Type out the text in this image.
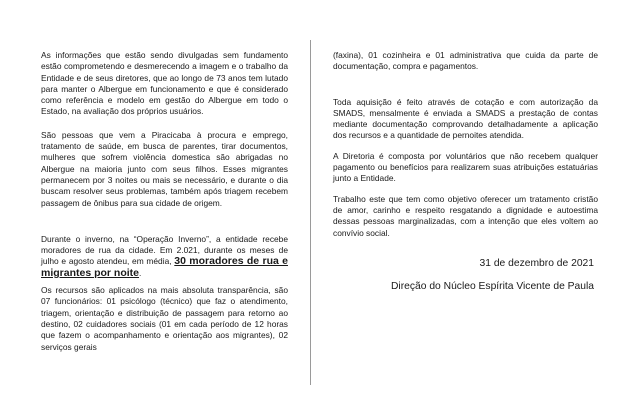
As informações que estão sendo divulgadas sem fundamento estão comprometendo e desmerecendo a imagem e o trabalho da Entidade e de seus diretores, que ao longo de 73 anos tem lutado para manter o Albergue em funcionamento e que é considerado como referência e modelo em gestão do Albergue em todo o Estado, na avaliação dos próprios usuários.

São pessoas que vem a Piracicaba à procura e emprego, tratamento de saúde, em busca de parentes, tirar documentos, mulheres que sofrem violência domestica são abrigadas no Albergue na maioria junto com seus filhos. Esses migrantes permanecem por 3 noites ou mais se necessário, e durante o dia buscam resolver seus problemas, também após triagem recebem passagem de ônibus para sua cidade de origem.

Durante o inverno, na “Operação Inverno”, a entidade recebe moradores de rua da cidade. Em 2.021, durante os meses de julho e agosto atendeu, em média, 30 moradores de rua e migrantes por noite.

Os recursos são aplicados na mais absoluta transparência, são 07 funcionários: 01 psicólogo (técnico) que faz o atendimento, triagem, orientação e distribuição de passagem para retorno ao destino, 02 cuidadores sociais (01 em cada período de 12 horas que fazem o acompanhamento e orientação aos migrantes), 02 serviços gerais

(faxina), 01 cozinheira e 01 administrativa que cuida da parte de documentação, compra e pagamentos.

Toda aquisição é feito através de cotação e com autorização da SMADS, mensalmente é enviada a SMADS a prestação de contas mediante documentação comprovando detalhadamente a aplicação dos recursos e a quantidade de pernoites atendida.

A Diretoria é composta por voluntários que não recebem qualquer pagamento ou benefícios para realizarem suas atribuições estatuárias junto a Entidade.

Trabalho este que tem como objetivo oferecer um tratamento cristão de amor, carinho e respeito resgatando a dignidade e autoestima dessas pessoas marginalizadas, com a intenção que eles voltem ao convívio social.

31 de dezembro de 2021

Direção do Núcleo Espírita Vicente de Paula
